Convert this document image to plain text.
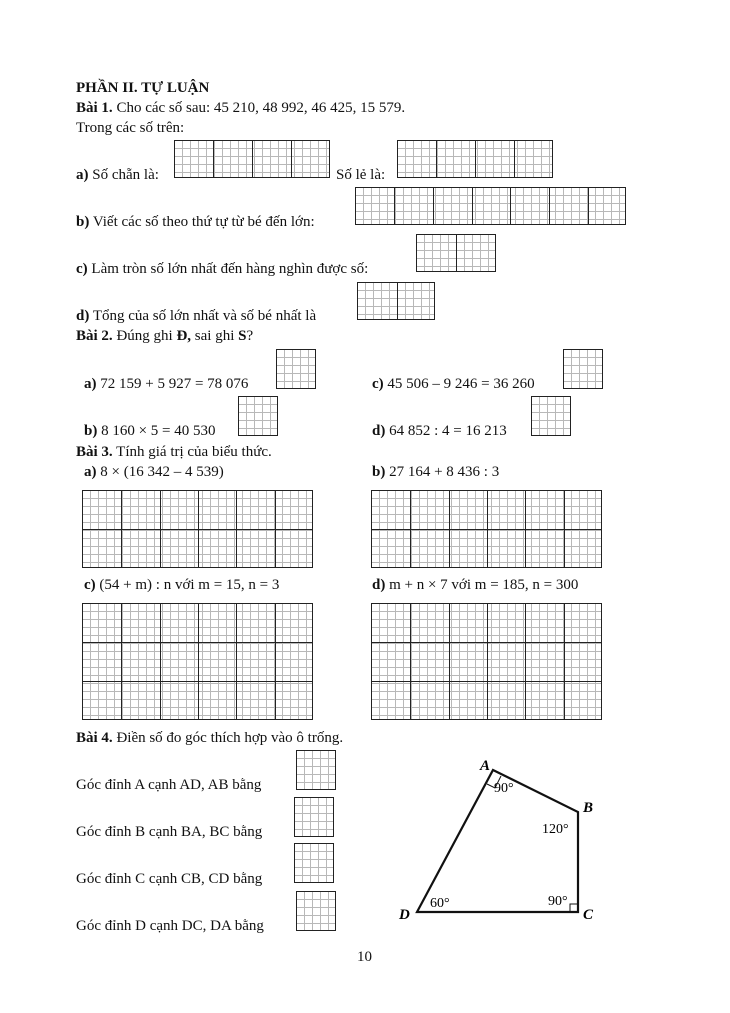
PHẦN II. TỰ LUẬN
Bài 1. Cho các số sau: 45 210, 48 992, 46 425, 15 579.
Trong các số trên:
a) Số chẵn là:	Số lẻ là:
b) Viết các số theo thứ tự từ bé đến lớn:
c) Làm tròn số lớn nhất đến hàng nghìn được số:
d) Tổng của số lớn nhất và số bé nhất là
Bài 2. Đúng ghi Đ, sai ghi S?
a) 72 159 + 5 927 = 78 076	c) 45 506 – 9 246 = 36 260
b) 8 160 × 5 = 40 530	d) 64 852 : 4 = 16 213
Bài 3. Tính giá trị của biểu thức.
a) 8 × (16 342 – 4 539)	b) 27 164 + 8 436 : 3
c) (54 + m) : n với m = 15, n = 3	d) m + n × 7 với m = 185, n = 300
Bài 4. Điền số đo góc thích hợp vào ô trống.
Góc đỉnh A cạnh AD, AB bằng
Góc đỉnh B cạnh BA, BC bằng
Góc đỉnh C cạnh CB, CD bằng
Góc đỉnh D cạnh DC, DA bằng
A
B
C
D
90°
120°
90°
60°
10
